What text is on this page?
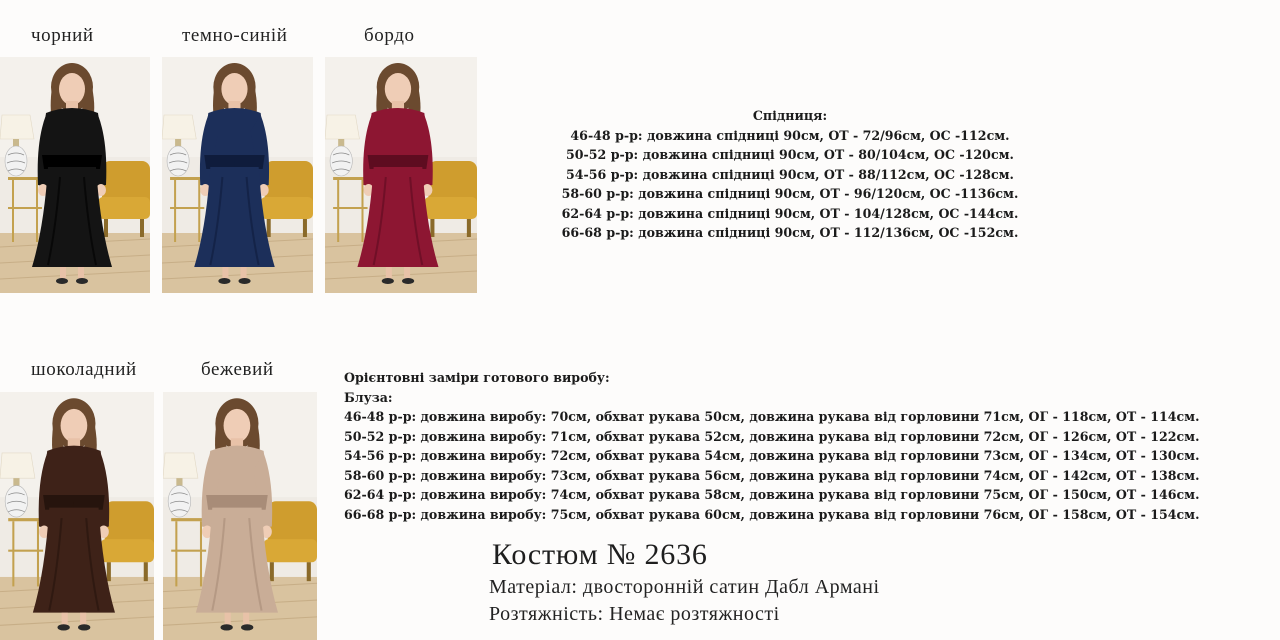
чорний	темно-синій	бордо
шоколадний	бежевий
Спідниця:
46-48 р-р: довжина спідниці 90см, ОТ - 72/96см, ОС -112см.
50-52 р-р: довжина спідниці 90см, ОТ - 80/104см, ОС -120см.
54-56 р-р: довжина спідниці 90см, ОТ - 88/112см, ОС -128см.
58-60 р-р: довжина спідниці 90см, ОТ - 96/120см, ОС -1136см.
62-64 р-р: довжина спідниці 90см, ОТ - 104/128см, ОС -144см.
66-68 р-р: довжина спідниці 90см, ОТ - 112/136см, ОС -152см.
Орієнтовні заміри готового виробу:
Блуза:
46-48 р-р: довжина виробу: 70см, обхват рукава 50см, довжина рукава від горловини 71см, ОГ - 118см, ОТ - 114см.
50-52 р-р: довжина виробу: 71см, обхват рукава 52см, довжина рукава від горловини 72см, ОГ - 126см, ОТ - 122см.
54-56 р-р: довжина виробу: 72см, обхват рукава 54см, довжина рукава від горловини 73см, ОГ - 134см, ОТ - 130см.
58-60 р-р: довжина виробу: 73см, обхват рукава 56см, довжина рукава від горловини 74см, ОГ - 142см, ОТ - 138см.
62-64 р-р: довжина виробу: 74см, обхват рукава 58см, довжина рукава від горловини 75см, ОГ - 150см, ОТ - 146см.
66-68 р-р: довжина виробу: 75см, обхват рукава 60см, довжина рукава від горловини 76см, ОГ - 158см, ОТ - 154см.
Костюм № 2636
Матеріал: двосторонній сатин Дабл Армані
Розтяжність: Немає розтяжності
